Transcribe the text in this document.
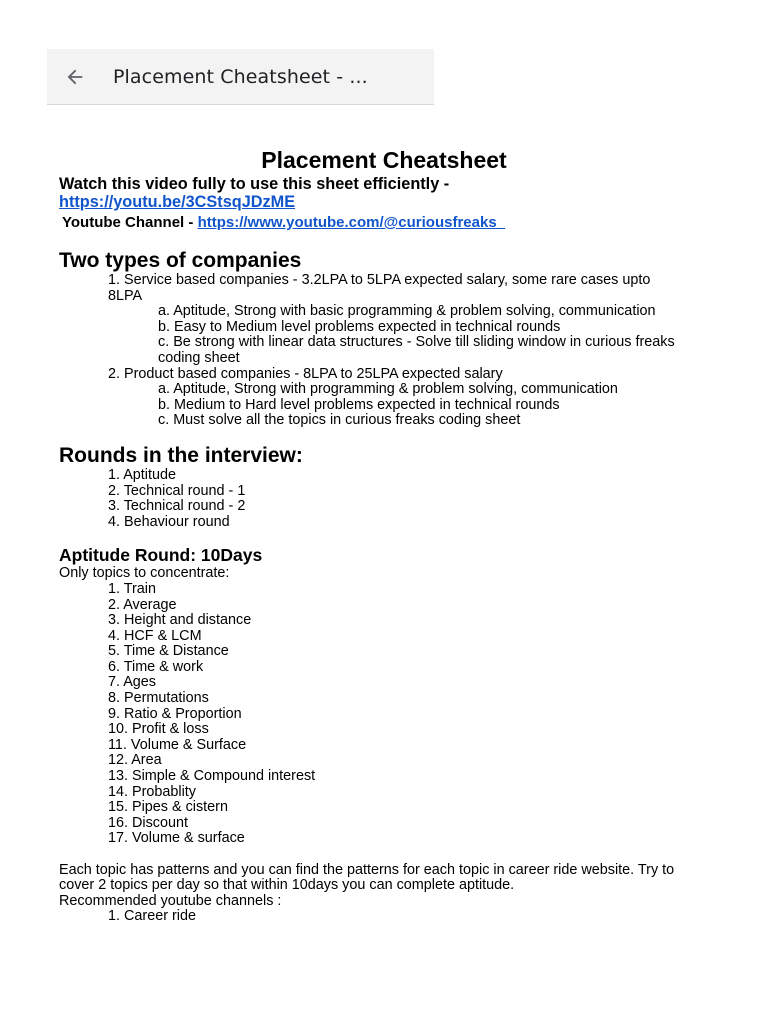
Placement Cheatsheet - ...
Placement Cheatsheet
Watch this video fully to use this sheet efficiently -
https://youtu.be/3CStsqJDzME
Youtube Channel - https://www.youtube.com/@curiousfreaks_
Two types of companies
1. Service based companies - 3.2LPA to 5LPA expected salary, some rare cases upto
8LPA
a. Aptitude, Strong with basic programming & problem solving, communication
b. Easy to Medium level problems expected in technical rounds
c. Be strong with linear data structures - Solve till sliding window in curious freaks
coding sheet
2. Product based companies - 8LPA to 25LPA expected salary
a. Aptitude, Strong with programming & problem solving, communication
b. Medium to Hard level problems expected in technical rounds
c. Must solve all the topics in curious freaks coding sheet
Rounds in the interview:
1. Aptitude
2. Technical round - 1
3. Technical round - 2
4. Behaviour round
Aptitude Round: 10Days
Only topics to concentrate:
1. Train
2. Average
3. Height and distance
4. HCF & LCM
5. Time & Distance
6. Time & work
7. Ages
8. Permutations
9. Ratio & Proportion
10. Profit & loss
11. Volume & Surface
12. Area
13. Simple & Compound interest
14. Probablity
15. Pipes & cistern
16. Discount
17. Volume & surface
Each topic has patterns and you can find the patterns for each topic in career ride website. Try to
cover 2 topics per day so that within 10days you can complete aptitude.
Recommended youtube channels :
1. Career ride
